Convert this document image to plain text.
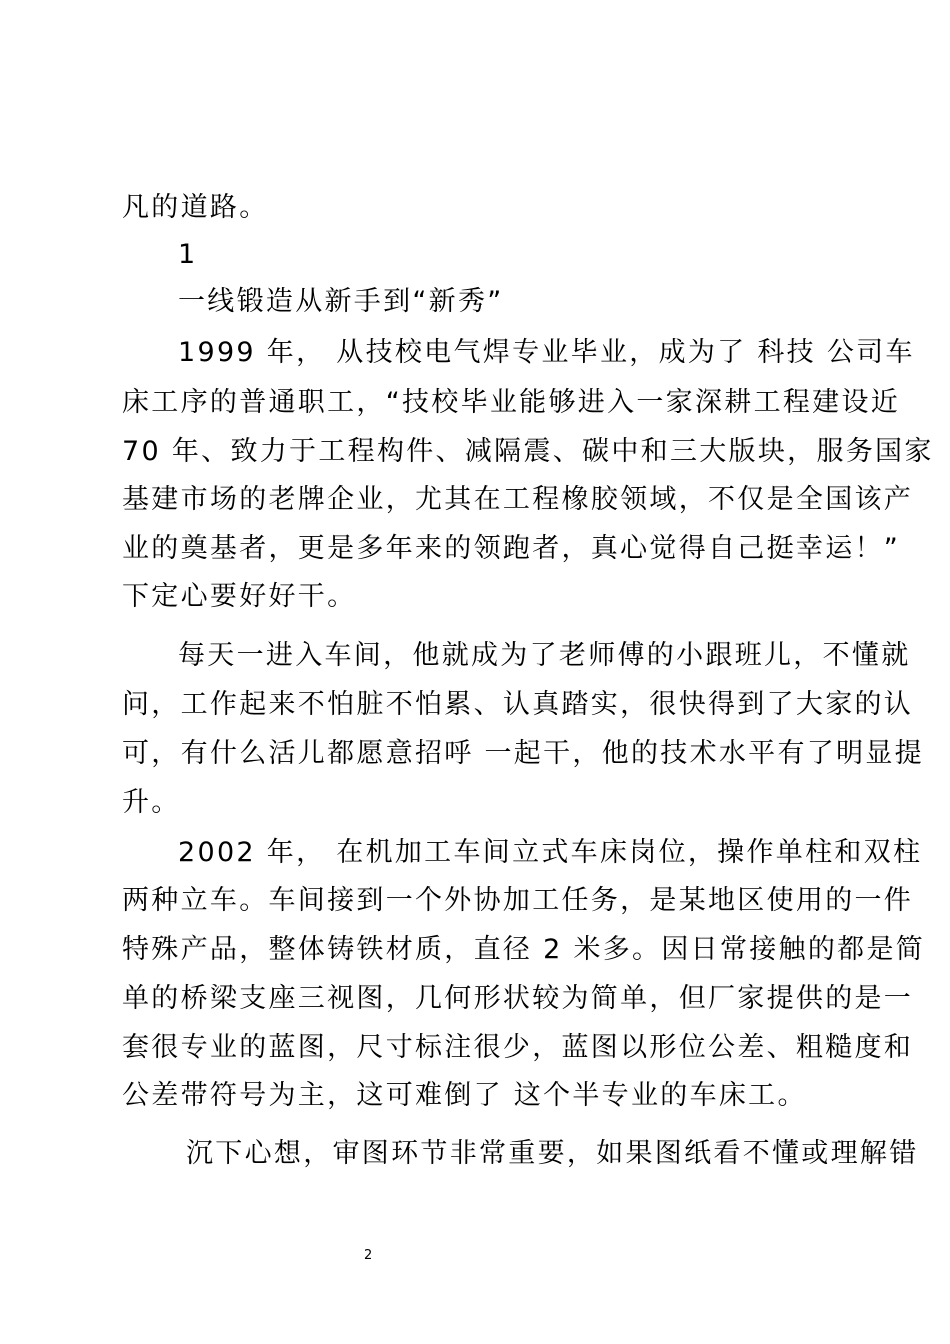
凡的道路。
1
一线锻造从新手到“新秀”
1999 年， 从技校电气焊专业毕业，成为了 科技 公司车
床工序的普通职工，“技校毕业能够进入一家深耕工程建设近
70 年、致力于工程构件、减隔震、碳中和三大版块，服务国家
基建市场的老牌企业，尤其在工程橡胶领域，不仅是全国该产
业的奠基者，更是多年来的领跑者，真心觉得自己挺幸运！”
下定心要好好干。
每天一进入车间，他就成为了老师傅的小跟班儿，不懂就
问，工作起来不怕脏不怕累、认真踏实，很快得到了大家的认
可，有什么活儿都愿意招呼 一起干，他的技术水平有了明显提
升。
2002 年， 在机加工车间立式车床岗位，操作单柱和双柱
两种立车。车间接到一个外协加工任务，是某地区使用的一件
特殊产品，整体铸铁材质，直径 2 米多。因日常接触的都是简
单的桥梁支座三视图，几何形状较为简单，但厂家提供的是一
套很专业的蓝图，尺寸标注很少，蓝图以形位公差、粗糙度和
公差带符号为主，这可难倒了 这个半专业的车床工。
沉下心想，审图环节非常重要，如果图纸看不懂或理解错
2
